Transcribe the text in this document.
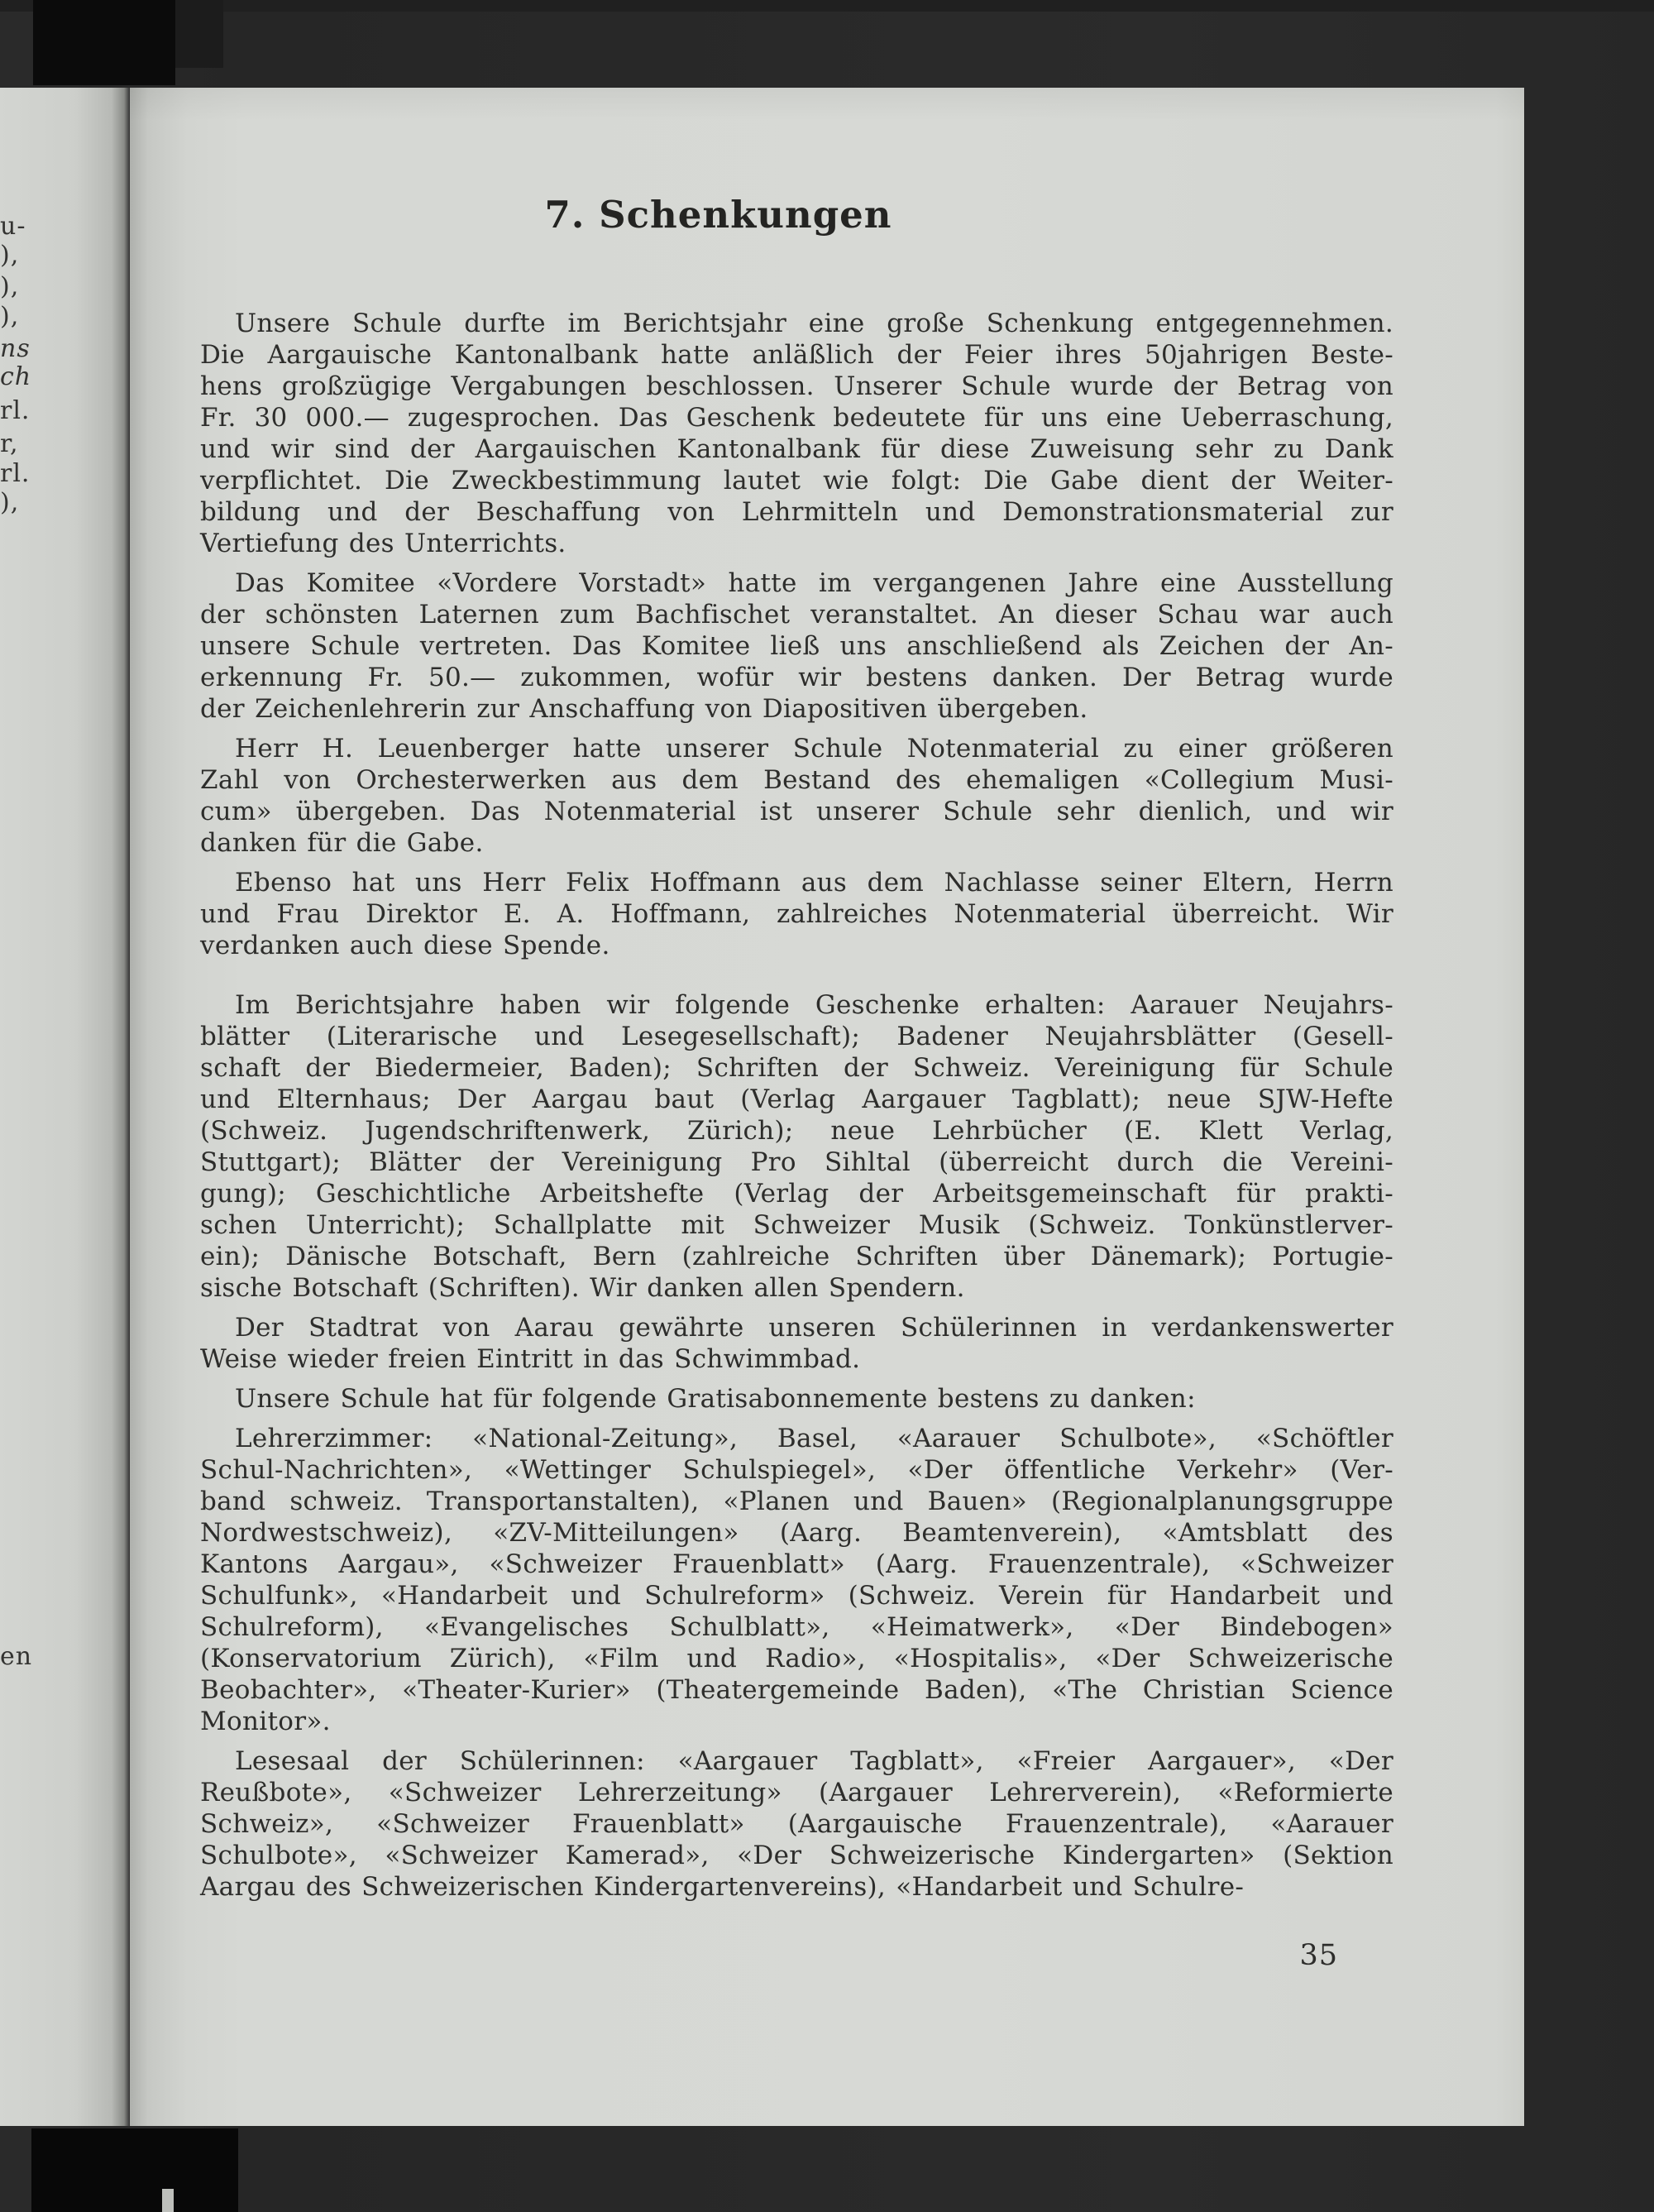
u-
),
),
),
ns
ch
rl.
r,
rl.
),
en
7. Schenkungen
Unsere Schule durfte im Berichtsjahr eine große Schenkung entgegennehmen.
Die Aargauische Kantonalbank hatte anläßlich der Feier ihres 50jahrigen Beste-
hens großzügige Vergabungen beschlossen. Unserer Schule wurde der Betrag von
Fr. 30 000.— zugesprochen. Das Geschenk bedeutete für uns eine Ueberraschung,
und wir sind der Aargauischen Kantonalbank für diese Zuweisung sehr zu Dank
verpflichtet. Die Zweckbestimmung lautet wie folgt: Die Gabe dient der Weiter-
bildung und der Beschaffung von Lehrmitteln und Demonstrationsmaterial zur
Vertiefung des Unterrichts.
Das Komitee «Vordere Vorstadt» hatte im vergangenen Jahre eine Ausstellung
der schönsten Laternen zum Bachfischet veranstaltet. An dieser Schau war auch
unsere Schule vertreten. Das Komitee ließ uns anschließend als Zeichen der An-
erkennung Fr. 50.— zukommen, wofür wir bestens danken. Der Betrag wurde
der Zeichenlehrerin zur Anschaffung von Diapositiven übergeben.
Herr H. Leuenberger hatte unserer Schule Notenmaterial zu einer größeren
Zahl von Orchesterwerken aus dem Bestand des ehemaligen «Collegium Musi-
cum» übergeben. Das Notenmaterial ist unserer Schule sehr dienlich, und wir
danken für die Gabe.
Ebenso hat uns Herr Felix Hoffmann aus dem Nachlasse seiner Eltern, Herrn
und Frau Direktor E. A. Hoffmann, zahlreiches Notenmaterial überreicht. Wir
verdanken auch diese Spende.
Im Berichtsjahre haben wir folgende Geschenke erhalten: Aarauer Neujahrs-
blätter (Literarische und Lesegesellschaft); Badener Neujahrsblätter (Gesell-
schaft der Biedermeier, Baden); Schriften der Schweiz. Vereinigung für Schule
und Elternhaus; Der Aargau baut (Verlag Aargauer Tagblatt); neue SJW-Hefte
(Schweiz. Jugendschriftenwerk, Zürich); neue Lehrbücher (E. Klett Verlag,
Stuttgart); Blätter der Vereinigung Pro Sihltal (überreicht durch die Vereini-
gung); Geschichtliche Arbeitshefte (Verlag der Arbeitsgemeinschaft für prakti-
schen Unterricht); Schallplatte mit Schweizer Musik (Schweiz. Tonkünstlerver-
ein); Dänische Botschaft, Bern (zahlreiche Schriften über Dänemark); Portugie-
sische Botschaft (Schriften). Wir danken allen Spendern.
Der Stadtrat von Aarau gewährte unseren Schülerinnen in verdankenswerter
Weise wieder freien Eintritt in das Schwimmbad.
Unsere Schule hat für folgende Gratisabonnemente bestens zu danken:
Lehrerzimmer: «National-Zeitung», Basel, «Aarauer Schulbote», «Schöftler
Schul-Nachrichten», «Wettinger Schulspiegel», «Der öffentliche Verkehr» (Ver-
band schweiz. Transportanstalten), «Planen und Bauen» (Regionalplanungsgruppe
Nordwestschweiz), «ZV-Mitteilungen» (Aarg. Beamtenverein), «Amtsblatt des
Kantons Aargau», «Schweizer Frauenblatt» (Aarg. Frauenzentrale), «Schweizer
Schulfunk», «Handarbeit und Schulreform» (Schweiz. Verein für Handarbeit und
Schulreform), «Evangelisches Schulblatt», «Heimatwerk», «Der Bindebogen»
(Konservatorium Zürich), «Film und Radio», «Hospitalis», «Der Schweizerische
Beobachter», «Theater-Kurier» (Theatergemeinde Baden), «The Christian Science
Monitor».
Lesesaal der Schülerinnen: «Aargauer Tagblatt», «Freier Aargauer», «Der
Reußbote», «Schweizer Lehrerzeitung» (Aargauer Lehrerverein), «Reformierte
Schweiz», «Schweizer Frauenblatt» (Aargauische Frauenzentrale), «Aarauer
Schulbote», «Schweizer Kamerad», «Der Schweizerische Kindergarten» (Sektion
Aargau des Schweizerischen Kindergartenvereins), «Handarbeit und Schulre-
35
